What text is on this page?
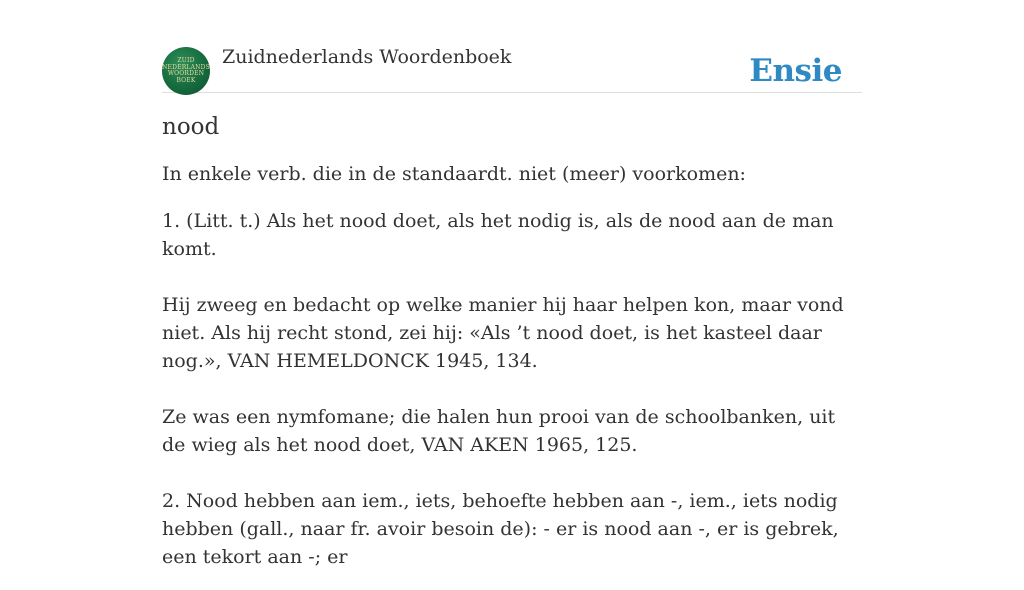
ZUID
NEDERLANDS
WOORDEN
BOEK
Zuidnederlands Woordenboek	Ensie
nood

In enkele verb. die in de standaardt. niet (meer) voorkomen:

1. (Litt. t.) Als het nood doet, als het nodig is, als de nood aan de man komt.

Hij zweeg en bedacht op welke manier hij haar helpen kon, maar vond niet. Als hij recht stond, zei hij: «Als ’t nood doet, is het kasteel daar nog.», VAN HEMELDONCK 1945, 134.

Ze was een nymfomane; die halen hun prooi van de schoolbanken, uit de wieg als het nood doet, VAN AKEN 1965, 125.

2. Nood hebben aan iem., iets, behoefte hebben aan -, iem., iets nodig hebben (gall., naar fr. avoir besoin de): - er is nood aan -, er is gebrek, een tekort aan -; er
